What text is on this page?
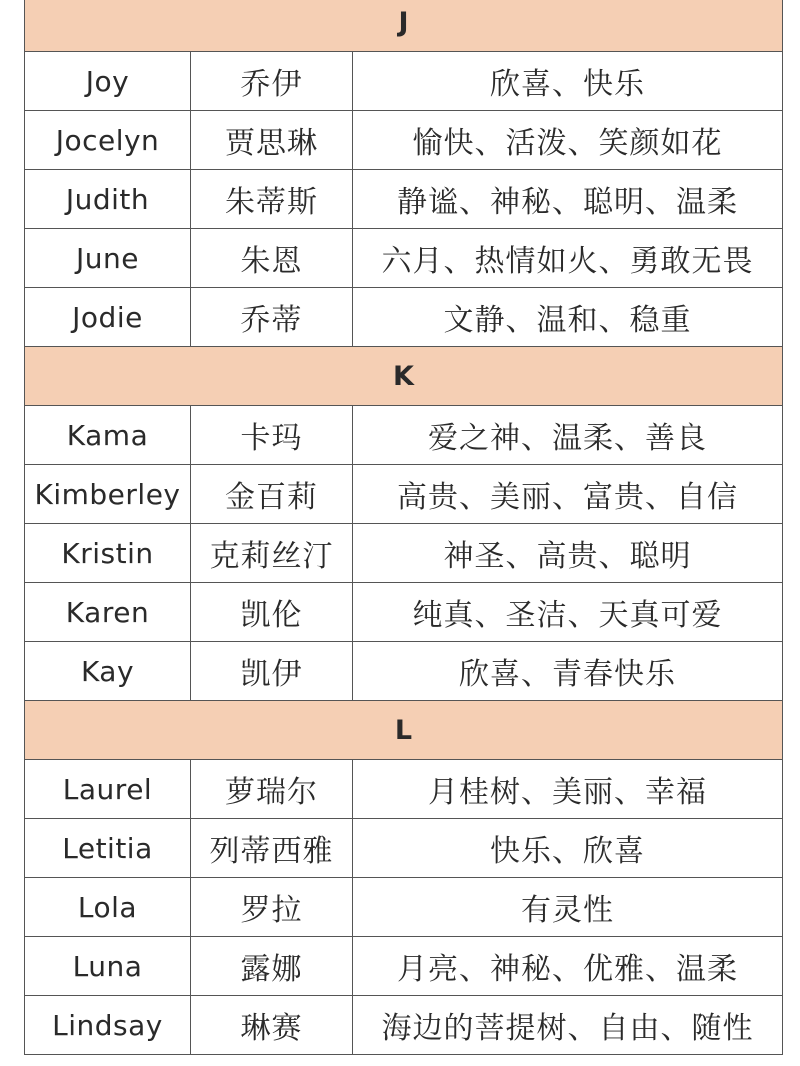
J		
Joy	乔伊	欣喜、快乐
Jocelyn	贾思琳	愉快、活泼、笑颜如花
Judith	朱蒂斯	静谧、神秘、聪明、温柔
June	朱恩	六月、热情如火、勇敢无畏
Jodie	乔蒂	文静、温和、稳重
K		
Kama	卡玛	爱之神、温柔、善良
Kimberley	金百莉	高贵、美丽、富贵、自信
Kristin	克莉丝汀	神圣、高贵、聪明
Karen	凯伦	纯真、圣洁、天真可爱
Kay	凯伊	欣喜、青春快乐
L		
Laurel	萝瑞尔	月桂树、美丽、幸福
Letitia	列蒂西雅	快乐、欣喜
Lola	罗拉	有灵性
Luna	露娜	月亮、神秘、优雅、温柔
Lindsay	琳赛	海边的菩提树、自由、随性
